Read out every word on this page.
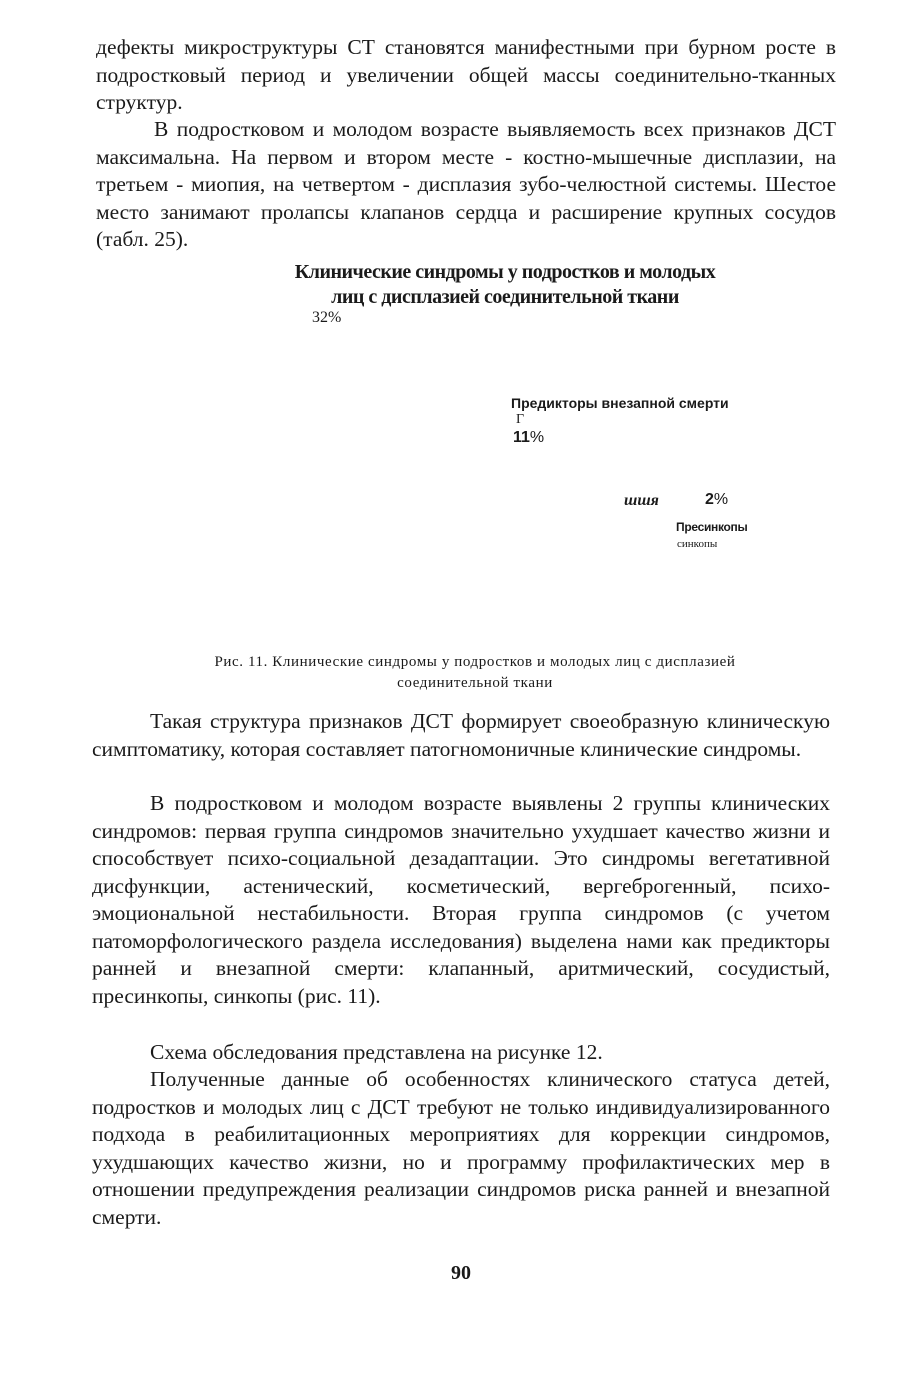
дефекты микроструктуры СТ становятся манифестными при бурном росте в подростковый период и увеличении общей массы соединительно-тканных структур.

В подростковом и молодом возрасте выявляемость всех признаков ДСТ максимальна. На первом и втором месте - костно-мышечные дисплазии, на третьем - миопия, на четвертом - дисплазия зубо-челюстной системы. Шестое место занимают пролапсы клапанов сердца и расширение крупных сосудов (табл. 25).

Клинические синдромы у подростков и молодых
лиц с дисплазией соединительной ткани
32%
Предикторы внезапной смерти
Г
11%
шшя	2%
Пресинкопы
синкопы
Рис. 11. Клинические синдромы у подростков и молодых лиц с дисплазией
соединительной ткани

Такая структура признаков ДСТ формирует своеобразную клиническую симптоматику, которая составляет патогномоничные клинические синдромы.

В подростковом и молодом возрасте выявлены 2 группы клинических синдромов: первая группа синдромов значительно ухудшает качество жизни и способствует психо-социальной дезадаптации. Это синдромы вегетативной дисфункции, астенический, косметический, вергеброгенный, психо-эмоциональной нестабильности. Вторая группа синдромов (с учетом патоморфологического раздела исследования) выделена нами как предикторы ранней и внезапной смерти: клапанный, аритмический, сосудистый, пресинкопы, синкопы (рис. 11).

Схема обследования представлена на рисунке 12.

Полученные данные об особенностях клинического статуса детей, подростков и молодых лиц с ДСТ требуют не только индивидуализированного подхода в реабилитационных мероприятиях для коррекции синдромов, ухудшающих качество жизни, но и программу профилактических мер в отношении предупреждения реализации синдромов риска ранней и внезапной смерти.

90
